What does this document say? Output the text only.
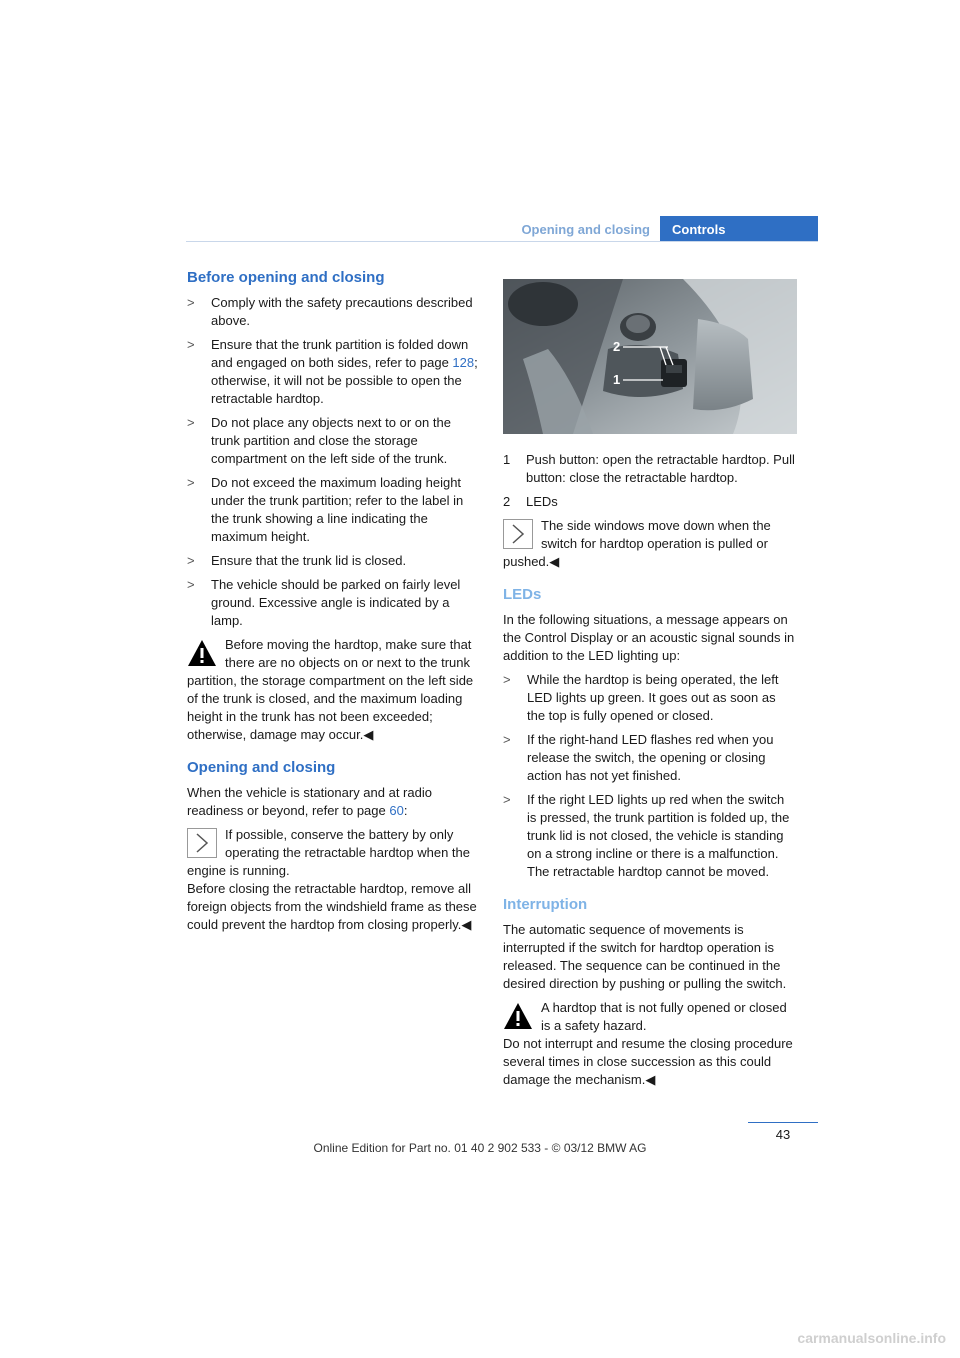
Opening and closing	Controls
Before opening and closing
> Comply with the safety precautions described above.
> Ensure that the trunk partition is folded down and engaged on both sides, refer to page 128; otherwise, it will not be possible to open the retractable hardtop.
> Do not place any objects next to or on the trunk partition and close the storage compartment on the left side of the trunk.
> Do not exceed the maximum loading height under the trunk partition; refer to the label in the trunk showing a line indicating the maximum height.
> Ensure that the trunk lid is closed.
> The vehicle should be parked on fairly level ground. Excessive angle is indicated by a lamp.
Before moving the hardtop, make sure that there are no objects on or next to the trunk partition, the storage compartment on the left side of the trunk is closed, and the maximum loading height in the trunk has not been exceeded; otherwise, damage may occur.◀
Opening and closing

When the vehicle is stationary and at radio readiness or beyond, refer to page 60:

If possible, conserve the battery by only operating the retractable hardtop when the engine is running.

Before closing the retractable hardtop, remove all foreign objects from the windshield frame as these could prevent the hardtop from closing properly.◀

2
1
1 Push button: open the retractable hardtop. Pull button: close the retractable hardtop.
2 LEDs
The side windows move down when the switch for hardtop operation is pulled or pushed.◀
LEDs

In the following situations, a message appears on the Control Display or an acoustic signal sounds in addition to the LED lighting up:

> While the hardtop is being operated, the left LED lights up green. It goes out as soon as the top is fully opened or closed.
> If the right-hand LED flashes red when you release the switch, the opening or closing action has not yet finished.
> If the right LED lights up red when the switch is pressed, the trunk partition is folded up, the trunk lid is not closed, the vehicle is standing on a strong incline or there is a malfunction. The retractable hardtop cannot be moved.
Interruption

The automatic sequence of movements is interrupted if the switch for hardtop operation is released. The sequence can be continued in the desired direction by pushing or pulling the switch.

A hardtop that is not fully opened or closed is a safety hazard.

Do not interrupt and resume the closing procedure several times in close succession as this could damage the mechanism.◀

43
Online Edition for Part no. 01 40 2 902 533 - © 03/12 BMW AG
carmanualsonline.info
